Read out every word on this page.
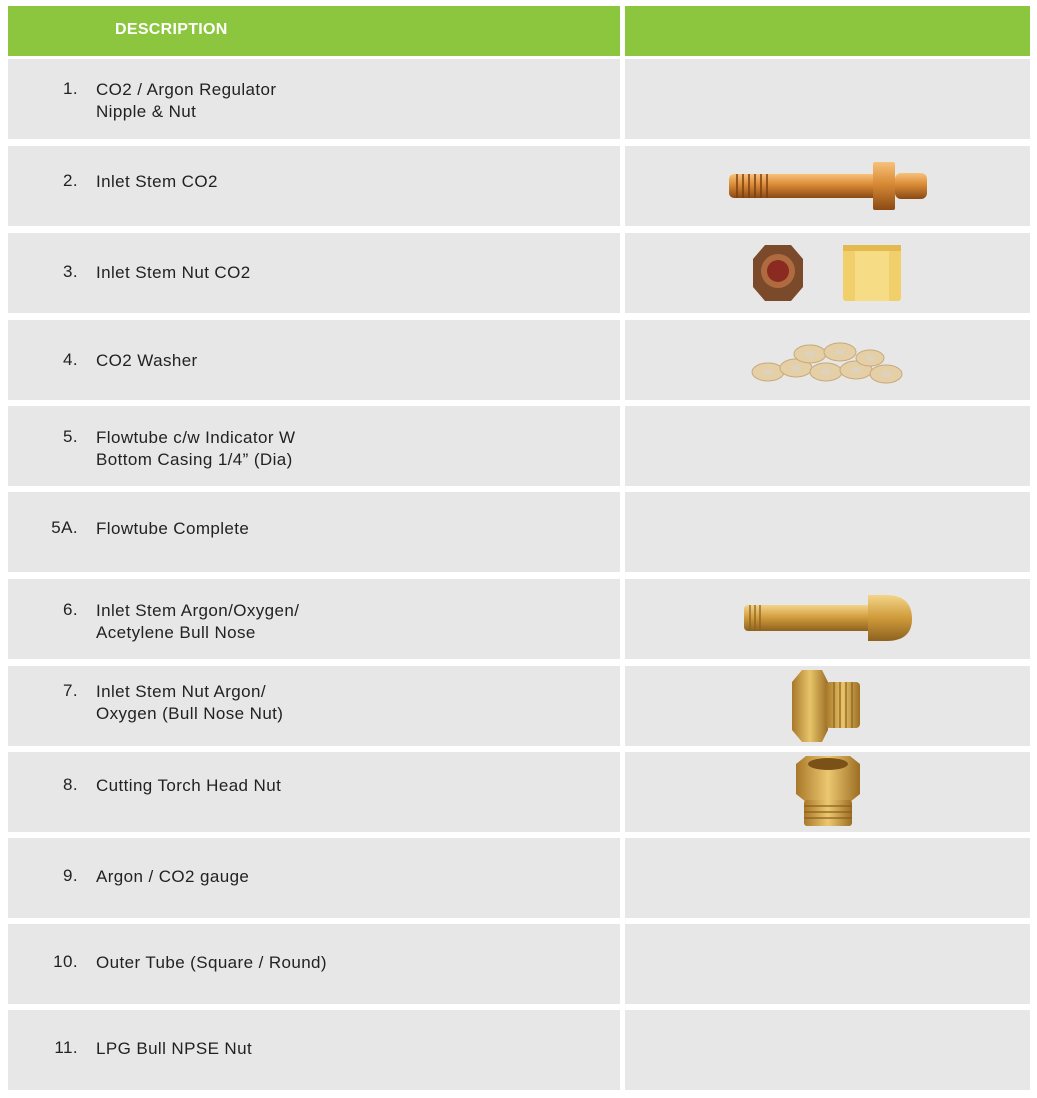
DESCRIPTION
1. CO2 / Argon Regulator
Nipple & Nut
2. Inlet Stem CO2
3. Inlet Stem Nut CO2
4. CO2 Washer
5. Flowtube c/w Indicator W
Bottom Casing 1/4” (Dia)
5A. Flowtube Complete
6. Inlet Stem Argon/Oxygen/
Acetylene Bull Nose
7. Inlet Stem Nut Argon/
Oxygen (Bull Nose Nut)
8. Cutting Torch Head Nut
9. Argon / CO2 gauge
10. Outer Tube (Square / Round)
11. LPG Bull NPSE Nut
